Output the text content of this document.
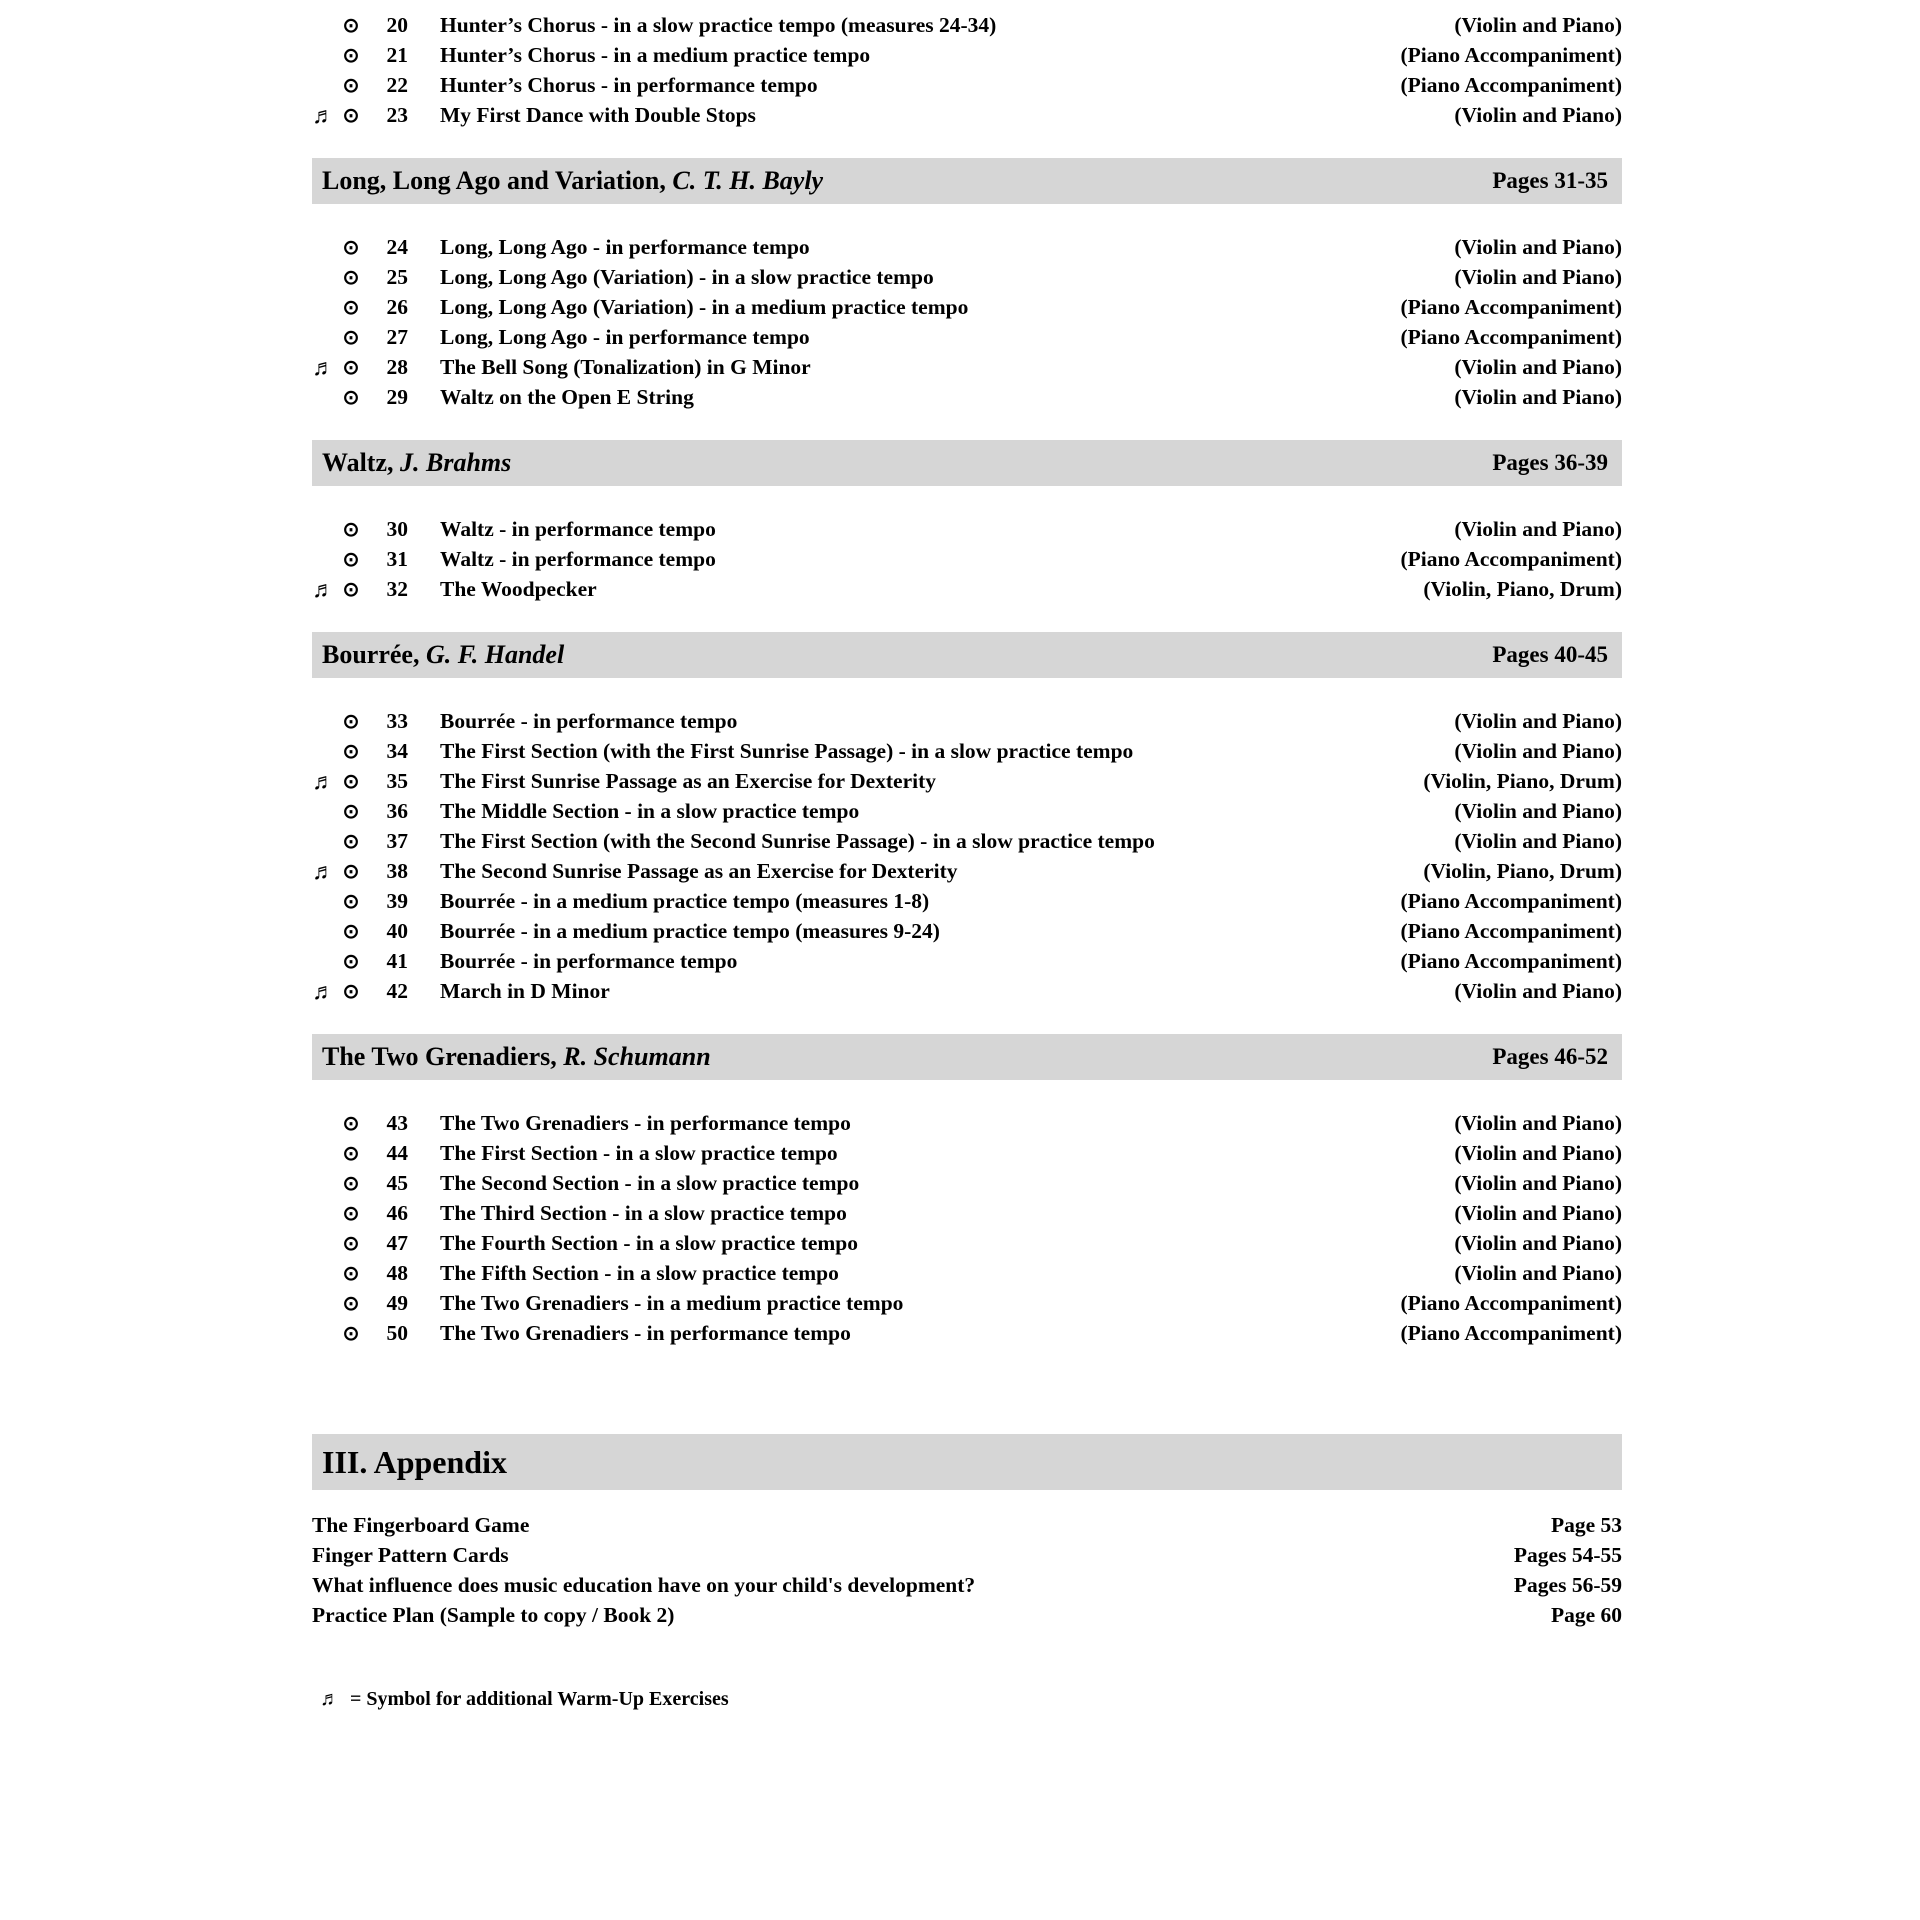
⊙	20	Hunter’s Chorus - in a slow practice tempo (measures 24-34)	(Violin and Piano)
⊙	21	Hunter’s Chorus - in a medium practice tempo	(Piano Accompaniment)
⊙	22	Hunter’s Chorus - in performance tempo	(Piano Accompaniment)
♬ ⊙	23	My First Dance with Double Stops	(Violin and Piano)
Long, Long Ago and Variation, C. T. H. Bayly	Pages 31-35
⊙	24	Long, Long Ago - in performance tempo	(Violin and Piano)
⊙	25	Long, Long Ago (Variation) - in a slow practice tempo	(Violin and Piano)
⊙	26	Long, Long Ago (Variation) - in a medium practice tempo	(Piano Accompaniment)
⊙	27	Long, Long Ago - in performance tempo	(Piano Accompaniment)
♬ ⊙	28	The Bell Song (Tonalization) in G Minor	(Violin and Piano)
⊙	29	Waltz on the Open E String	(Violin and Piano)
Waltz, J. Brahms	Pages 36-39
⊙	30	Waltz - in performance tempo	(Violin and Piano)
⊙	31	Waltz - in performance tempo	(Piano Accompaniment)
♬ ⊙	32	The Woodpecker	(Violin, Piano, Drum)
Bourrée, G. F. Handel	Pages 40-45
⊙	33	Bourrée - in performance tempo	(Violin and Piano)
⊙	34	The First Section (with the First Sunrise Passage) - in a slow practice tempo	(Violin and Piano)
♬ ⊙	35	The First Sunrise Passage as an Exercise for Dexterity	(Violin, Piano, Drum)
⊙	36	The Middle Section - in a slow practice tempo	(Violin and Piano)
⊙	37	The First Section (with the Second Sunrise Passage) - in a slow practice tempo	(Violin and Piano)
♬ ⊙	38	The Second Sunrise Passage as an Exercise for Dexterity	(Violin, Piano, Drum)
⊙	39	Bourrée - in a medium practice tempo (measures 1-8)	(Piano Accompaniment)
⊙	40	Bourrée - in a medium practice tempo (measures 9-24)	(Piano Accompaniment)
⊙	41	Bourrée - in performance tempo	(Piano Accompaniment)
♬ ⊙	42	March in D Minor	(Violin and Piano)
The Two Grenadiers, R. Schumann	Pages 46-52
⊙	43	The Two Grenadiers - in performance tempo	(Violin and Piano)
⊙	44	The First Section - in a slow practice tempo	(Violin and Piano)
⊙	45	The Second Section - in a slow practice tempo	(Violin and Piano)
⊙	46	The Third Section - in a slow practice tempo	(Violin and Piano)
⊙	47	The Fourth Section - in a slow practice tempo	(Violin and Piano)
⊙	48	The Fifth Section - in a slow practice tempo	(Violin and Piano)
⊙	49	The Two Grenadiers - in a medium practice tempo	(Piano Accompaniment)
⊙	50	The Two Grenadiers - in performance tempo	(Piano Accompaniment)
III. Appendix
The Fingerboard Game	Page 53
Finger Pattern Cards	Pages 54-55
What influence does music education have on your child's development?	Pages 56-59
Practice Plan (Sample to copy / Book 2)	Page 60
♬ = Symbol for additional Warm-Up Exercises
